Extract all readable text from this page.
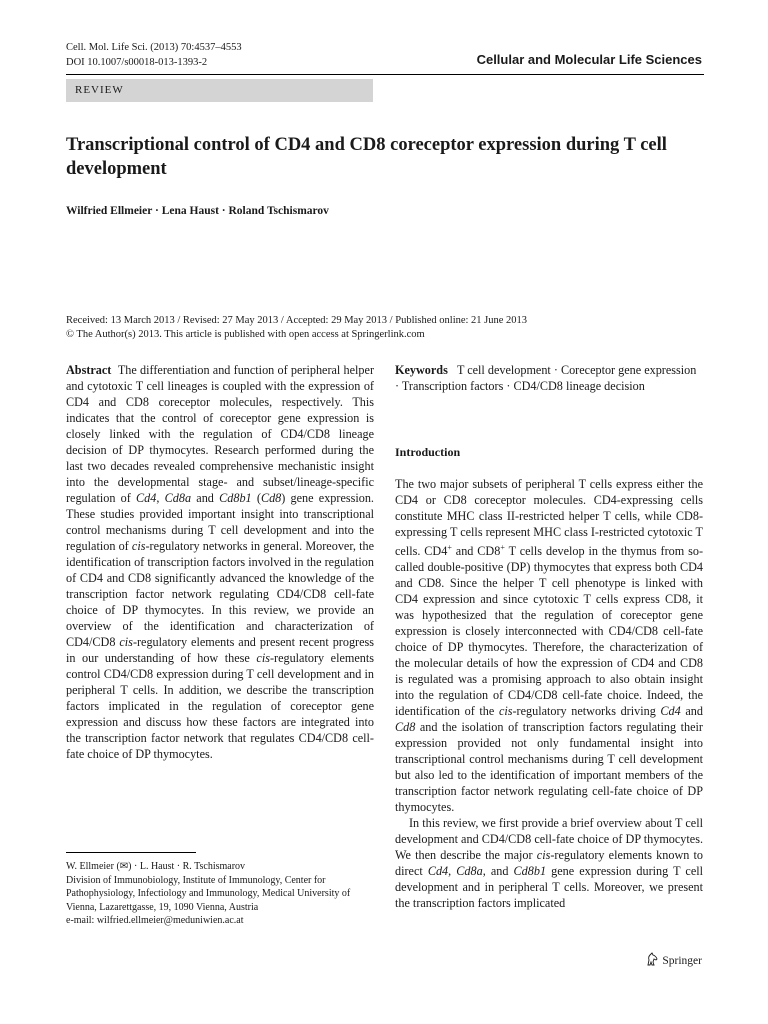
Cell. Mol. Life Sci. (2013) 70:4537–4553
DOI 10.1007/s00018-013-1393-2	Cellular and Molecular Life Sciences
REVIEW
Transcriptional control of CD4 and CD8 coreceptor expression during T cell development
Wilfried Ellmeier · Lena Haust · Roland Tschismarov
Received: 13 March 2013 / Revised: 27 May 2013 / Accepted: 29 May 2013 / Published online: 21 June 2013
© The Author(s) 2013. This article is published with open access at Springerlink.com

Abstract The differentiation and function of peripheral helper and cytotoxic T cell lineages is coupled with the expression of CD4 and CD8 coreceptor molecules, respectively. This indicates that the control of coreceptor gene expression is closely linked with the regulation of CD4/CD8 lineage decision of DP thymocytes. Research performed during the last two decades revealed comprehensive mechanistic insight into the developmental stage- and subset/lineage-specific regulation of Cd4, Cd8a and Cd8b1 (Cd8) gene expression. These studies provided important insight into transcriptional control mechanisms during T cell development and into the regulation of cis-regulatory networks in general. Moreover, the identification of transcription factors involved in the regulation of CD4 and CD8 significantly advanced the knowledge of the transcription factor network regulating CD4/CD8 cell-fate choice of DP thymocytes. In this review, we provide an overview of the identification and characterization of CD4/CD8 cis-regulatory elements and present recent progress in our understanding of how these cis-regulatory elements control CD4/CD8 expression during T cell development and in peripheral T cells. In addition, we describe the transcription factors implicated in the regulation of coreceptor gene expression and discuss how these factors are integrated into the transcription factor network that regulates CD4/CD8 cell-fate choice of DP thymocytes.

W. Ellmeier (✉) · L. Haust · R. Tschismarov
Division of Immunobiology, Institute of Immunology, Center for Pathophysiology, Infectiology and Immunology, Medical University of Vienna, Lazarettgasse, 19, 1090 Vienna, Austria
e-mail: wilfried.ellmeier@meduniwien.ac.at

Keywords T cell development · Coreceptor gene expression · Transcription factors · CD4/CD8 lineage decision

Introduction

The two major subsets of peripheral T cells express either the CD4 or CD8 coreceptor molecules. CD4-expressing cells constitute MHC class II-restricted helper T cells, while CD8-expressing T cells represent MHC class I-restricted cytotoxic T cells. CD4+ and CD8+ T cells develop in the thymus from so-called double-positive (DP) thymocytes that express both CD4 and CD8. Since the helper T cell phenotype is linked with CD4 expression and since cytotoxic T cells express CD8, it was hypothesized that the regulation of coreceptor gene expression is closely interconnected with CD4/CD8 cell-fate choice of DP thymocytes. Therefore, the characterization of the molecular details of how the expression of CD4 and CD8 is regulated was a promising approach to also obtain insight into the regulation of CD4/CD8 cell-fate choice. Indeed, the identification of the cis-regulatory networks driving Cd4 and Cd8 and the isolation of transcription factors regulating their expression provided not only fundamental insight into transcriptional control mechanisms during T cell development but also led to the identification of important members of the transcription factor network regulating cell-fate choice of DP thymocytes.

In this review, we first provide a brief overview about T cell development and CD4/CD8 cell-fate choice of DP thymocytes. We then describe the major cis-regulatory elements known to direct Cd4, Cd8a, and Cd8b1 gene expression during T cell development and in peripheral T cells. Moreover, we present the transcription factors implicated

Springer
